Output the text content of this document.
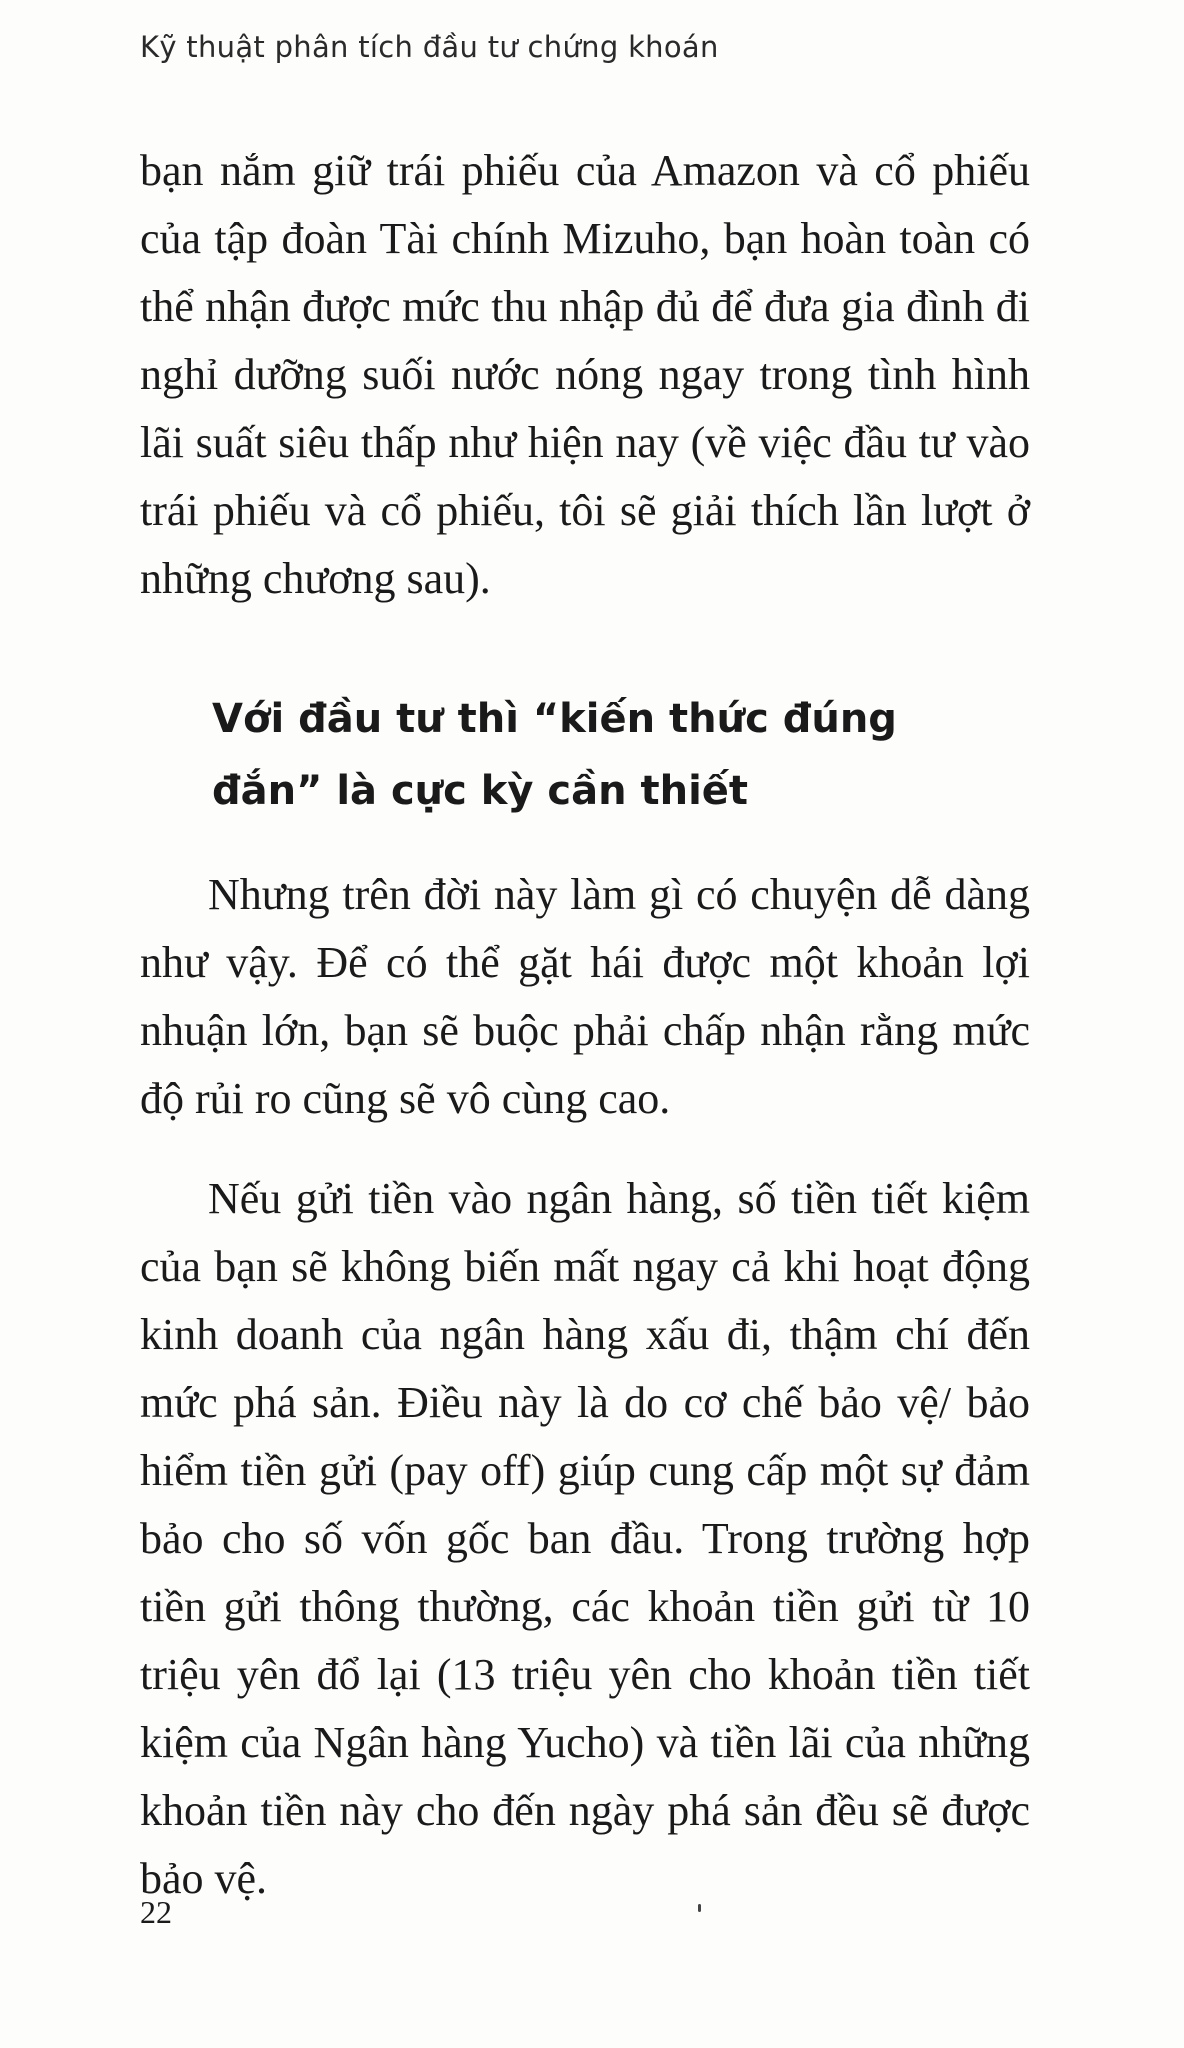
Kỹ thuật phân tích đầu tư chứng khoán

bạn nắm giữ trái phiếu của Amazon và cổ phiếu của tập đoàn Tài chính Mizuho, bạn hoàn toàn có thể nhận được mức thu nhập đủ để đưa gia đình đi nghỉ dưỡng suối nước nóng ngay trong tình hình lãi suất siêu thấp như hiện nay (về việc đầu tư vào trái phiếu và cổ phiếu, tôi sẽ giải thích lần lượt ở những chương sau).

Với đầu tư thì “kiến thức đúng đắn” là cực kỳ cần thiết

Nhưng trên đời này làm gì có chuyện dễ dàng như vậy. Để có thể gặt hái được một khoản lợi nhuận lớn, bạn sẽ buộc phải chấp nhận rằng mức độ rủi ro cũng sẽ vô cùng cao.

Nếu gửi tiền vào ngân hàng, số tiền tiết kiệm của bạn sẽ không biến mất ngay cả khi hoạt động kinh doanh của ngân hàng xấu đi, thậm chí đến mức phá sản. Điều này là do cơ chế bảo vệ/ bảo hiểm tiền gửi (pay off) giúp cung cấp một sự đảm bảo cho số vốn gốc ban đầu. Trong trường hợp tiền gửi thông thường, các khoản tiền gửi từ 10 triệu yên đổ lại (13 triệu yên cho khoản tiền tiết kiệm của Ngân hàng Yucho) và tiền lãi của những khoản tiền này cho đến ngày phá sản đều sẽ được bảo vệ.

22
